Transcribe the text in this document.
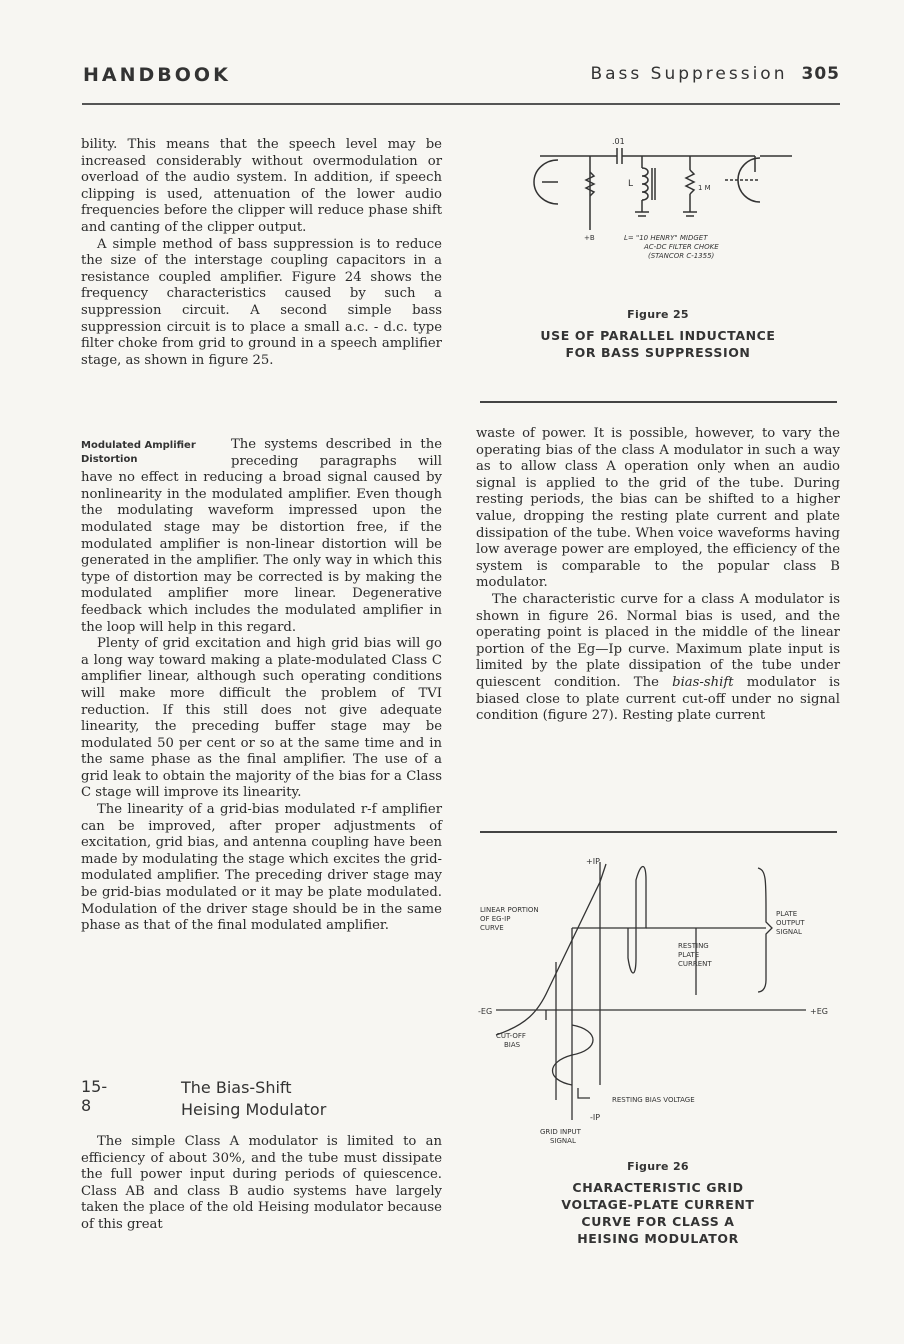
HANDBOOK	Bass Suppression 305

bility. This means that the speech level may be increased considerably without overmodulation or overload of the audio system. In addition, if speech clipping is used, attenuation of the lower audio frequencies before the clipper will reduce phase shift and canting of the clipper output.

A simple method of bass suppression is to reduce the size of the interstage coupling capacitors in a resistance coupled amplifier. Figure 24 shows the frequency characteristics caused by such a suppression circuit. A second simple bass suppression circuit is to place a small a.c. - d.c. type filter choke from grid to ground in a speech amplifier stage, as shown in figure 25.

Modulated Amplifier
Distortion

The systems described in the preceding paragraphs will have no effect in reducing a broad signal caused by nonlinearity in the modulated amplifier. Even though the modulating waveform impressed upon the modulated stage may be distortion free, if the modulated amplifier is non-linear distortion will be generated in the amplifier. The only way in which this type of distortion may be corrected is by making the modulated amplifier more linear. Degenerative feedback which includes the modulated amplifier in the loop will help in this regard.

Plenty of grid excitation and high grid bias will go a long way toward making a plate-modulated Class C amplifier linear, although such operating conditions will make more difficult the problem of TVI reduction. If this still does not give adequate linearity, the preceding buffer stage may be modulated 50 per cent or so at the same time and in the same phase as the final amplifier. The use of a grid leak to obtain the majority of the bias for a Class C stage will improve its linearity.

The linearity of a grid-bias modulated r-f amplifier can be improved, after proper adjustments of excitation, grid bias, and antenna coupling have been made by modulating the stage which excites the grid-modulated amplifier. The preceding driver stage may be grid-bias modulated or it may be plate modulated. Modulation of the driver stage should be in the same phase as that of the final modulated amplifier.

15-8
The Bias-Shift
Heising Modulator

The simple Class A modulator is limited to an efficiency of about 30%, and the tube must dissipate the full power input during periods of quiescence. Class AB and class B audio systems have largely taken the place of the old Heising modulator because of this great

.01
L	1 M
+B	L= "10 HENRY" MIDGET
AC-DC FILTER CHOKE
(STANCOR C-1355)
Figure 25
USE OF PARALLEL INDUCTANCE
FOR BASS SUPPRESSION

waste of power. It is possible, however, to vary the operating bias of the class A modulator in such a way as to allow class A operation only when an audio signal is applied to the grid of the tube. During resting periods, the bias can be shifted to a higher value, dropping the resting plate current and plate dissipation of the tube. When voice waveforms having low average power are employed, the efficiency of the system is comparable to the popular class B modulator.

The characteristic curve for a class A modulator is shown in figure 26. Normal bias is used, and the operating point is placed in the middle of the linear portion of the Eg—Ip curve. Maximum plate input is limited by the plate dissipation of the tube under quiescent condition. The bias-shift modulator is biased close to plate current cut-off under no signal condition (figure 27). Resting plate current

+IP
LINEAR PORTION
OF EG-IP
CURVE
PLATE
OUTPUT
SIGNAL
RESTING
PLATE
CURRENT
-EG	+EG
CUT-OFF
BIAS
RESTING BIAS VOLTAGE
-IP
GRID INPUT
SIGNAL
Figure 26
CHARACTERISTIC GRID
VOLTAGE-PLATE CURRENT
CURVE FOR CLASS A
HEISING MODULATOR
